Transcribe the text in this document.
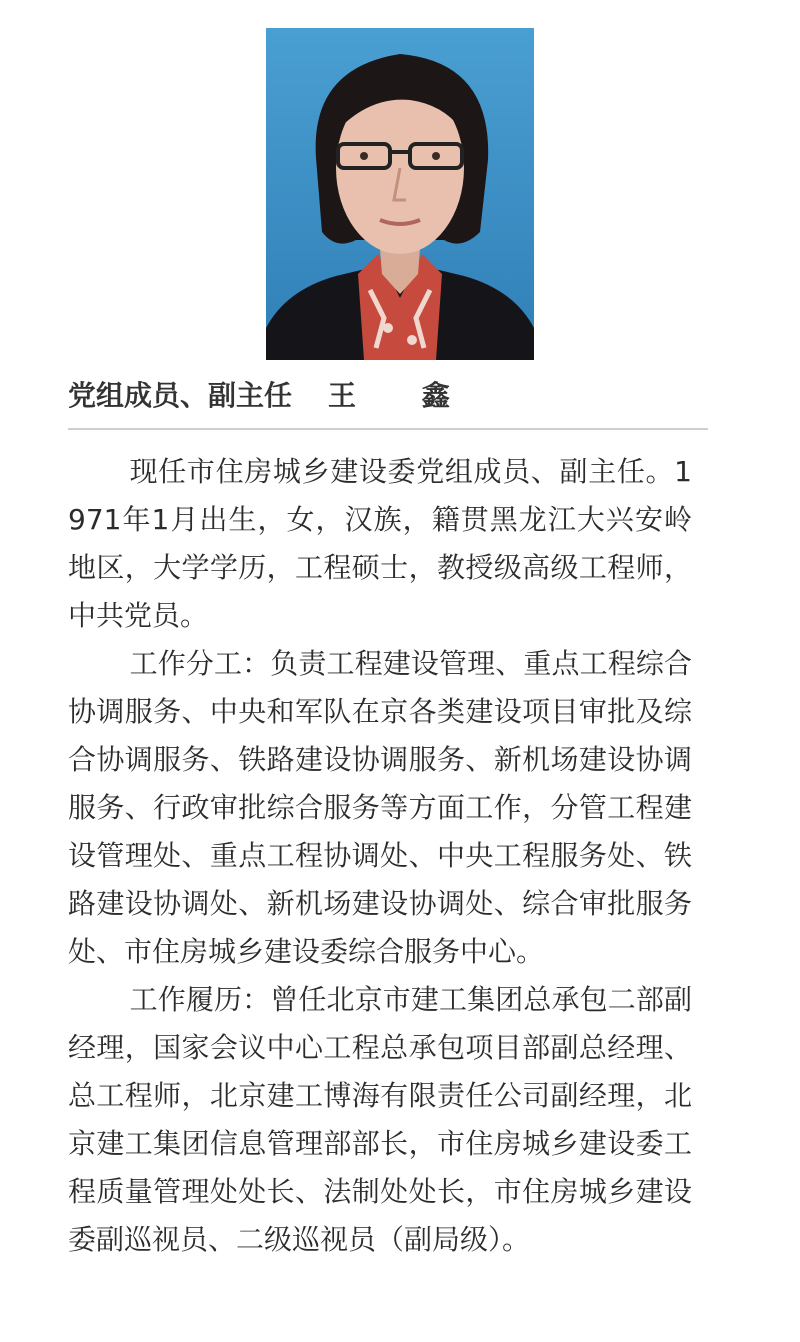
党组成员、副主任 王 鑫

现任市住房城乡建设委党组成员、副主任。1971年1月出生，女，汉族，籍贯黑龙江大兴安岭地区，大学学历，工程硕士，教授级高级工程师，中共党员。

工作分工：负责工程建设管理、重点工程综合协调服务、中央和军队在京各类建设项目审批及综合协调服务、铁路建设协调服务、新机场建设协调服务、行政审批综合服务等方面工作，分管工程建设管理处、重点工程协调处、中央工程服务处、铁路建设协调处、新机场建设协调处、综合审批服务处、市住房城乡建设委综合服务中心。

工作履历：曾任北京市建工集团总承包二部副经理，国家会议中心工程总承包项目部副总经理、总工程师，北京建工博海有限责任公司副经理，北京建工集团信息管理部部长，市住房城乡建设委工程质量管理处处长、法制处处长，市住房城乡建设委副巡视员、二级巡视员（副局级）。
